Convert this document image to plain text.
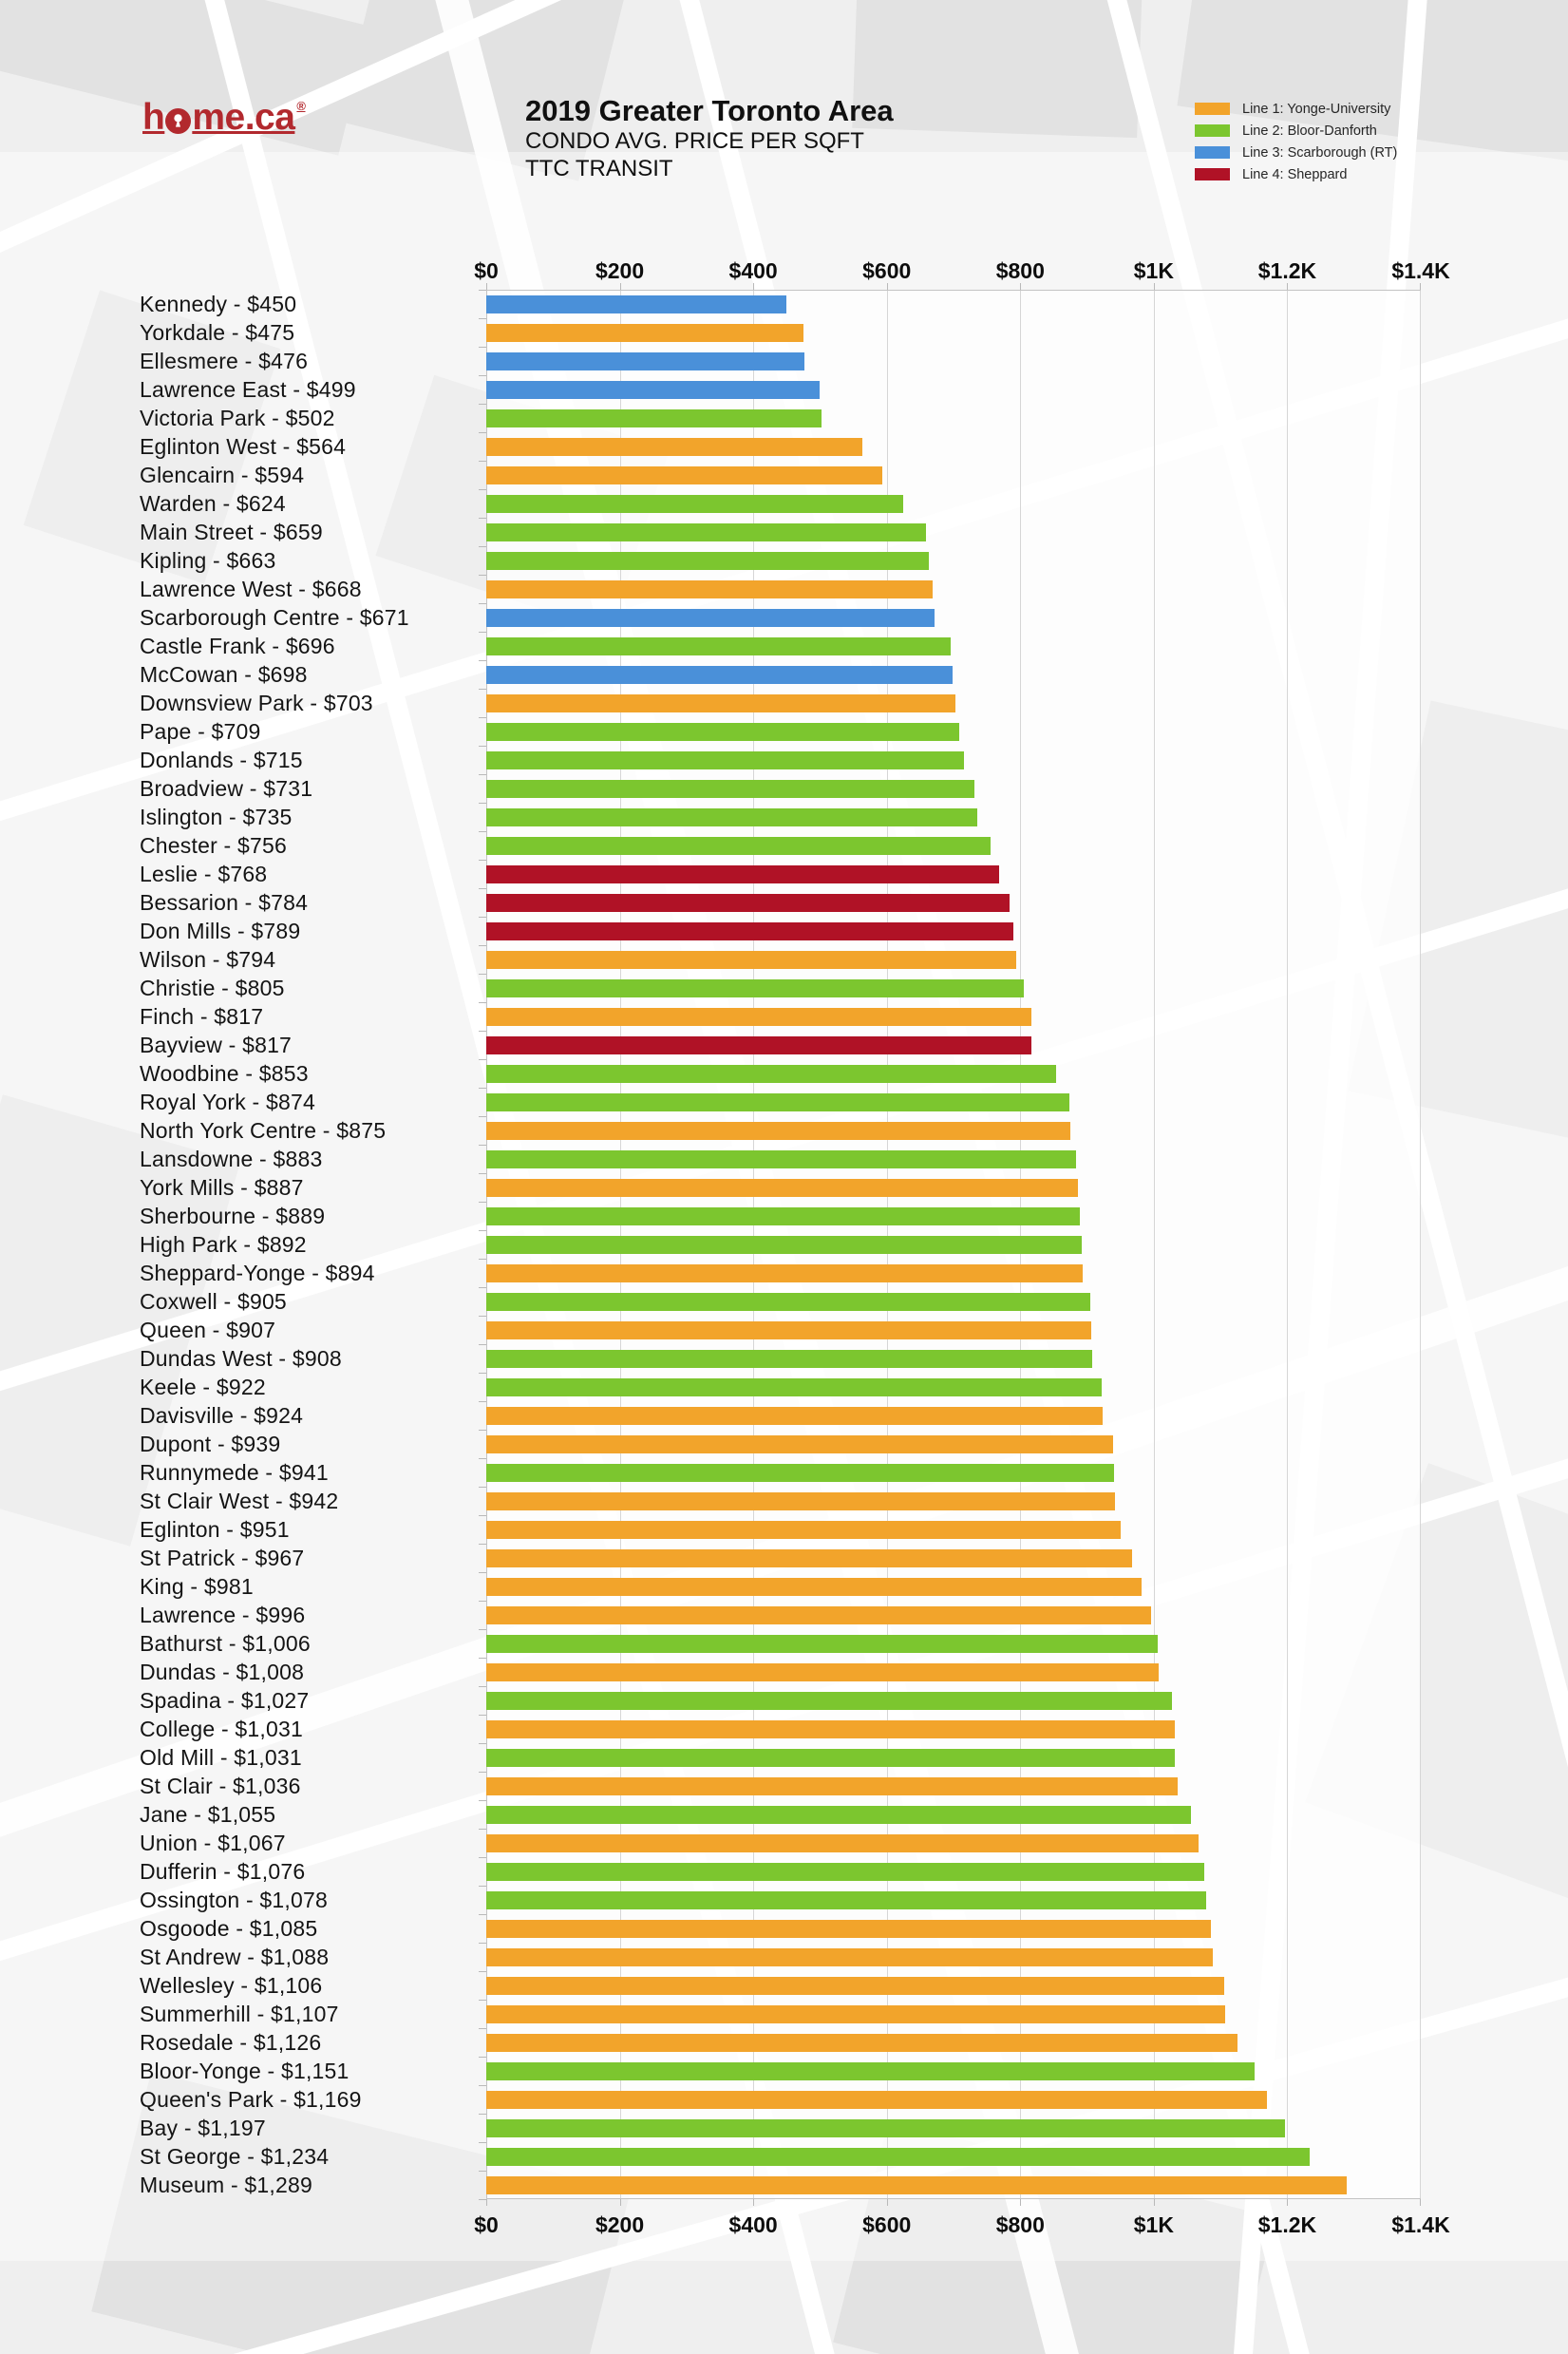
h me.ca®	2019 Greater Toronto Area
CONDO AVG. PRICE PER SQFT
TTC TRANSIT
Line 1: Yonge-University
Line 2: Bloor-Danforth
Line 3: Scarborough (RT)
Line 4: Sheppard
$0	$200	$400	$600	$800	$1K	$1.2K	$1.4K
Kennedy - $450
Yorkdale - $475
Ellesmere - $476
Lawrence East - $499
Victoria Park - $502
Eglinton West - $564
Glencairn - $594
Warden - $624
Main Street - $659
Kipling - $663
Lawrence West - $668
Scarborough Centre - $671
Castle Frank - $696
McCowan - $698
Downsview Park - $703
Pape - $709
Donlands - $715
Broadview - $731
Islington - $735
Chester - $756
Leslie - $768
Bessarion - $784
Don Mills - $789
Wilson - $794
Christie - $805
Finch - $817
Bayview - $817
Woodbine - $853
Royal York - $874
North York Centre - $875
Lansdowne - $883
York Mills - $887
Sherbourne - $889
High Park - $892
Sheppard-Yonge - $894
Coxwell - $905
Queen - $907
Dundas West - $908
Keele - $922
Davisville - $924
Dupont - $939
Runnymede - $941
St Clair West - $942
Eglinton - $951
St Patrick - $967
King - $981
Lawrence - $996
Bathurst - $1,006
Dundas - $1,008
Spadina - $1,027
College - $1,031
Old Mill - $1,031
St Clair - $1,036
Jane - $1,055
Union - $1,067
Dufferin - $1,076
Ossington - $1,078
Osgoode - $1,085
St Andrew - $1,088
Wellesley - $1,106
Summerhill - $1,107
Rosedale - $1,126
Bloor-Yonge - $1,151
Queen's Park - $1,169
Bay - $1,197
St George - $1,234
Museum - $1,289
$0	$200	$400	$600	$800	$1K	$1.2K	$1.4K
